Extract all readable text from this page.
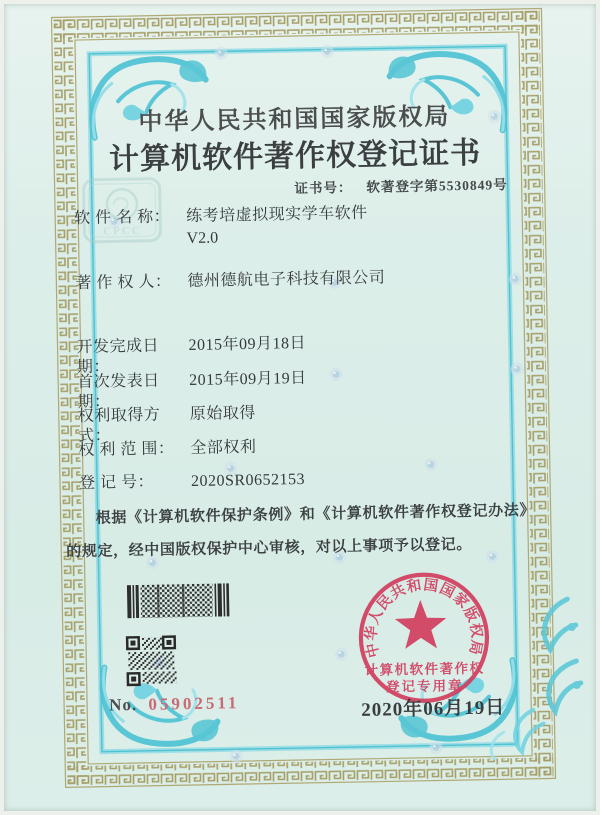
CPCC
中华人民共和国国家版权局
计算机软件著作权
登记专用章
中华人民共和国国家版权局
计算机软件著作权登记证书
证书号： 软著登字第5530849号
软 件 名 称： 练考培虚拟现实学车软件
V2.0
著 作 权 人： 德州德航电子科技有限公司
开发完成日期：2015年09月18日
首次发表日期：2015年09月19日
权利取得方式：原始取得
权 利 范 围： 全部权利
登 记 号： 2020SR0652153
根据《计算机软件保护条例》和《计算机软件著作权登记办法》的规定，经中国版权保护中心审核，对以上事项予以登记。
No. 05902511	2020年06月19日
